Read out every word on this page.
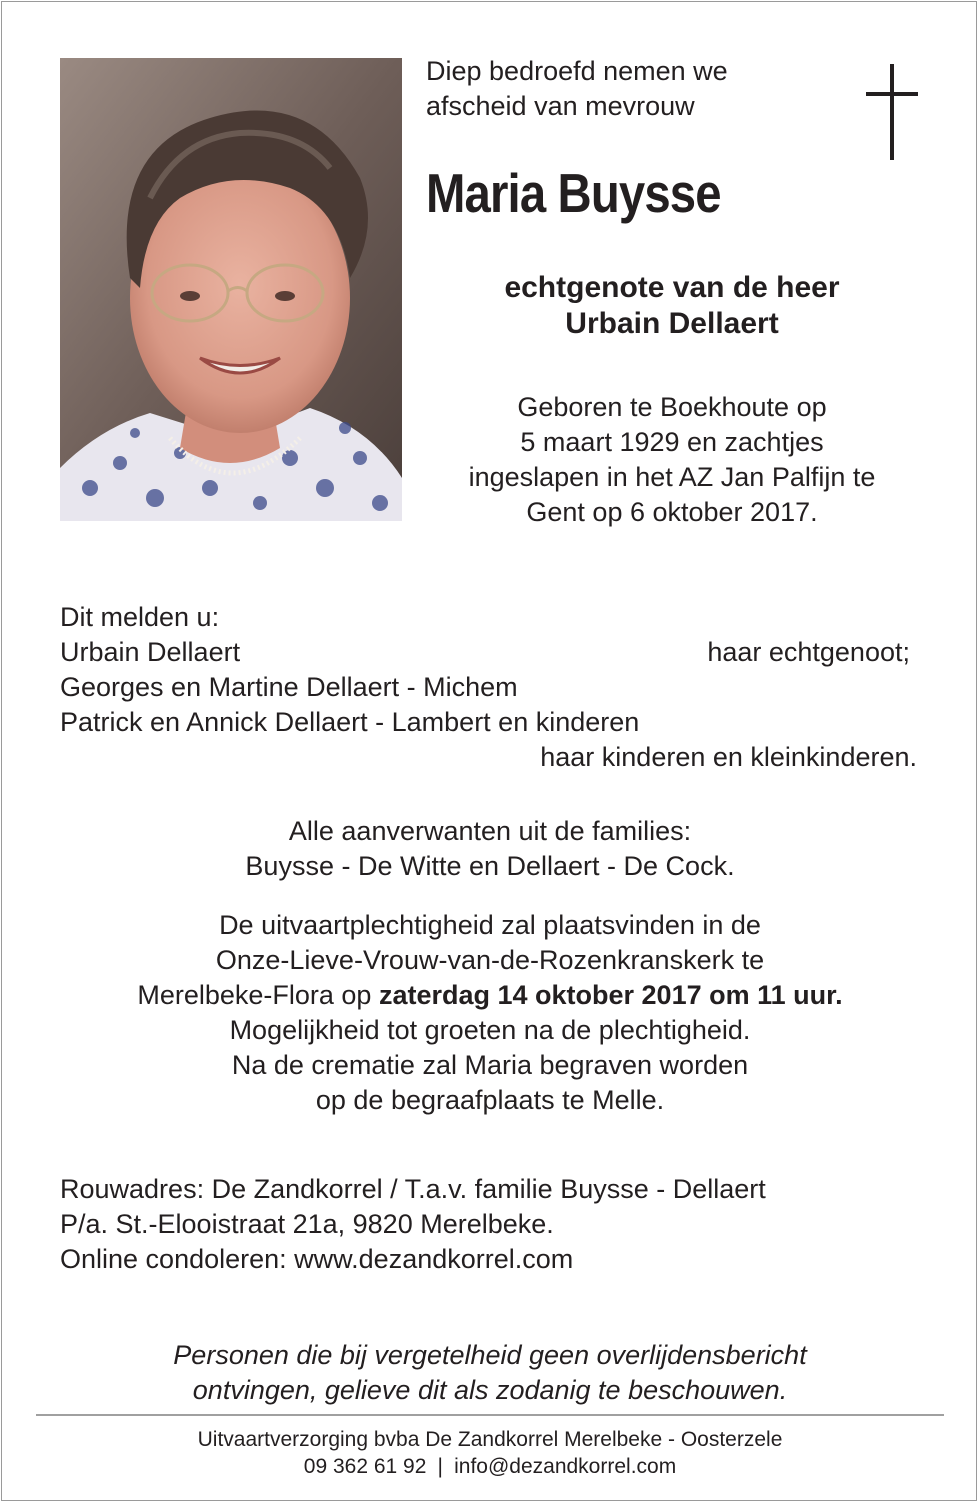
Diep bedroefd nemen we
afscheid van mevrouw
Maria Buysse
echtgenote van de heer
Urbain Dellaert
Geboren te Boekhoute op
5 maart 1929 en zachtjes
ingeslapen in het AZ Jan Palfijn te
Gent op 6 oktober 2017.
Dit melden u:
Urbain Dellaert	haar echtgenoot;
Georges en Martine Dellaert - Michem
Patrick en Annick Dellaert - Lambert en kinderen
haar kinderen en kleinkinderen.
Alle aanverwanten uit de families:
Buysse - De Witte en Dellaert - De Cock.
De uitvaartplechtigheid zal plaatsvinden in de
Onze-Lieve-Vrouw-van-de-Rozenkranskerk te
Merelbeke-Flora op zaterdag 14 oktober 2017 om 11 uur.
Mogelijkheid tot groeten na de plechtigheid.
Na de crematie zal Maria begraven worden
op de begraafplaats te Melle.
Rouwadres: De Zandkorrel / T.a.v. familie Buysse - Dellaert
P/a. St.-Elooistraat 21a, 9820 Merelbeke.
Online condoleren: www.dezandkorrel.com
Personen die bij vergetelheid geen overlijdensbericht
ontvingen, gelieve dit als zodanig te beschouwen.
Uitvaartverzorging bvba De Zandkorrel Merelbeke - Oosterzele
09 362 61 92 | info@dezandkorrel.com
